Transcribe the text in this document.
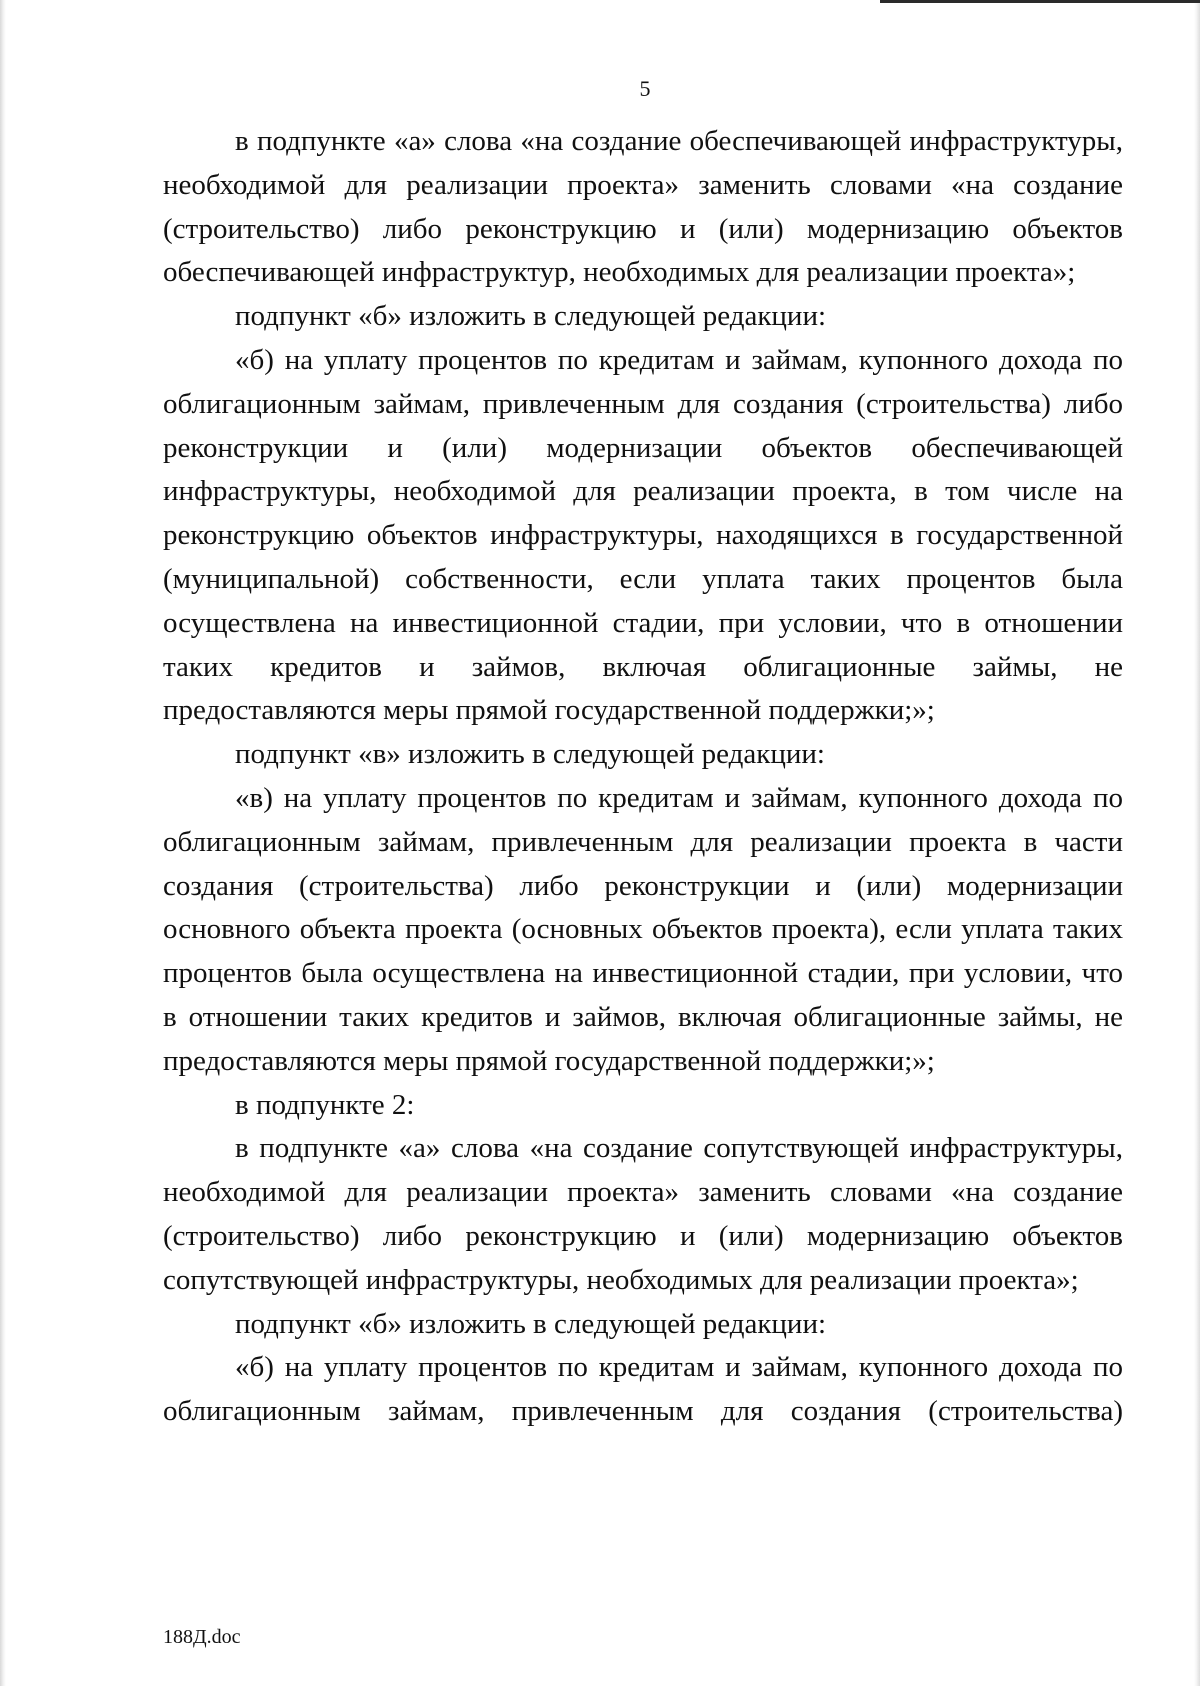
5

в подпункте «а» слова «на создание обеспечивающей инфраструктуры, необходимой для реализации проекта» заменить словами «на создание (строительство) либо реконструкцию и (или) модернизацию объектов обеспечивающей инфраструктур, необходимых для реализации проекта»;

подпункт «б» изложить в следующей редакции:

«б) на уплату процентов по кредитам и займам, купонного дохода по облигационным займам, привлеченным для создания (строительства) либо реконструкции и (или) модернизации объектов обеспечивающей инфраструктуры, необходимой для реализации проекта, в том числе на реконструкцию объектов инфраструктуры, находящихся в государственной (муниципальной) собственности, если уплата таких процентов была осуществлена на инвестиционной стадии, при условии, что в отношении таких кредитов и займов, включая облигационные займы, не предоставляются меры прямой государственной поддержки;»;

подпункт «в» изложить в следующей редакции:

«в) на уплату процентов по кредитам и займам, купонного дохода по облигационным займам, привлеченным для реализации проекта в части создания (строительства) либо реконструкции и (или) модернизации основного объекта проекта (основных объектов проекта), если уплата таких процентов была осуществлена на инвестиционной стадии, при условии, что в отношении таких кредитов и займов, включая облигационные займы, не предоставляются меры прямой государственной поддержки;»;

в подпункте 2:

в подпункте «а» слова «на создание сопутствующей инфраструктуры, необходимой для реализации проекта» заменить словами «на создание (строительство) либо реконструкцию и (или) модернизацию объектов сопутствующей инфраструктуры, необходимых для реализации проекта»;

подпункт «б» изложить в следующей редакции:

«б) на уплату процентов по кредитам и займам, купонного дохода по облигационным займам, привлеченным для создания (строительства)

188Д.doc
